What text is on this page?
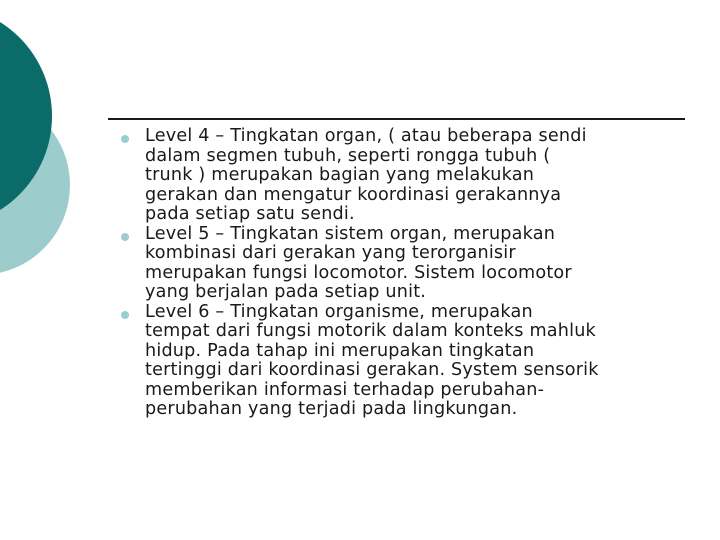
Level 4 – Tingkatan organ, ( atau beberapa sendi
dalam segmen tubuh, seperti rongga tubuh (
trunk ) merupakan bagian yang melakukan
gerakan dan mengatur koordinasi gerakannya
pada setiap satu sendi.
Level 5 – Tingkatan sistem organ, merupakan
kombinasi dari gerakan yang terorganisir
merupakan fungsi locomotor. Sistem locomotor
yang berjalan pada setiap unit.
Level 6 – Tingkatan organisme, merupakan
tempat dari fungsi motorik dalam konteks mahluk
hidup. Pada tahap ini merupakan tingkatan
tertinggi dari koordinasi gerakan. System sensorik
memberikan informasi terhadap perubahan-
perubahan yang terjadi pada lingkungan.
